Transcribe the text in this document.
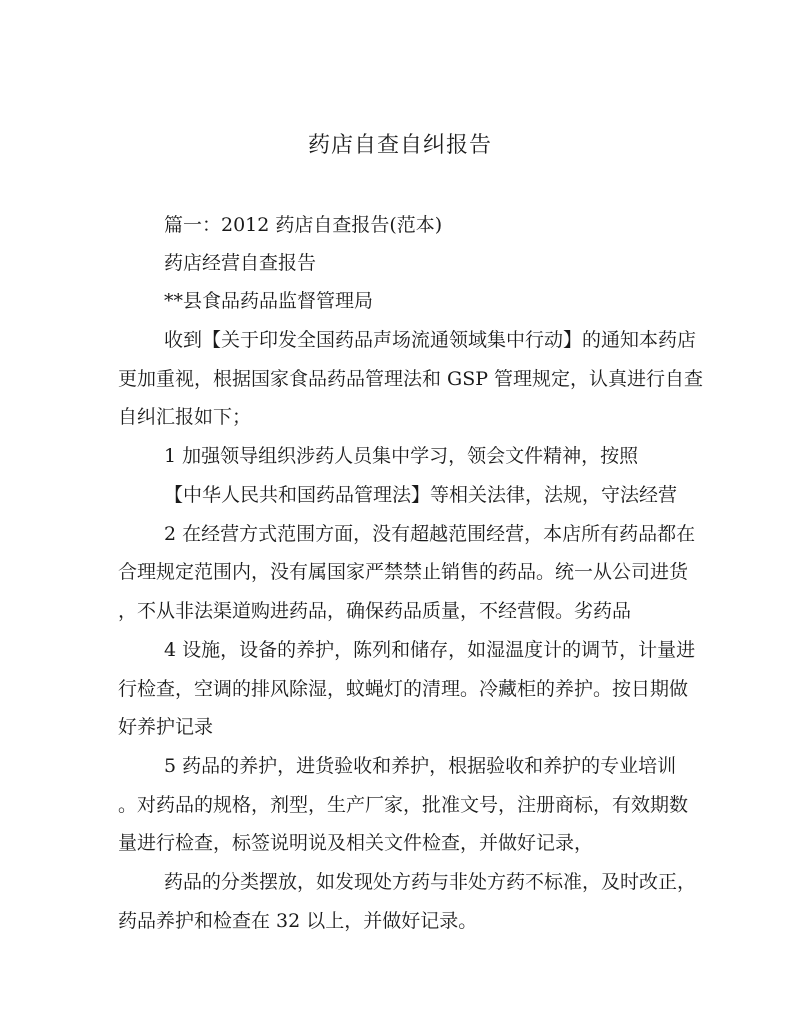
药店自查自纠报告
篇一：2012 药店自查报告(范本)
药店经营自查报告
**县食品药品监督管理局
收到【关于印发全国药品声场流通领域集中行动】的通知本药店
更加重视，根据国家食品药品管理法和 GSP 管理规定，认真进行自查
自纠汇报如下；
1 加强领导组织涉药人员集中学习，领会文件精神，按照
【中华人民共和国药品管理法】等相关法律，法规，守法经营
2 在经营方式范围方面，没有超越范围经营，本店所有药品都在
合理规定范围内，没有属国家严禁禁止销售的药品。统一从公司进货
，不从非法渠道购进药品，确保药品质量，不经营假。劣药品
4 设施，设备的养护，陈列和储存，如湿温度计的调节，计量进
行检查，空调的排风除湿，蚊蝇灯的清理。冷藏柜的养护。按日期做
好养护记录
5 药品的养护，进货验收和养护，根据验收和养护的专业培训
。对药品的规格，剂型，生产厂家，批准文号，注册商标，有效期数
量进行检查，标签说明说及相关文件检查，并做好记录，
药品的分类摆放，如发现处方药与非处方药不标准，及时改正，
药品养护和检查在 32 以上，并做好记录。
